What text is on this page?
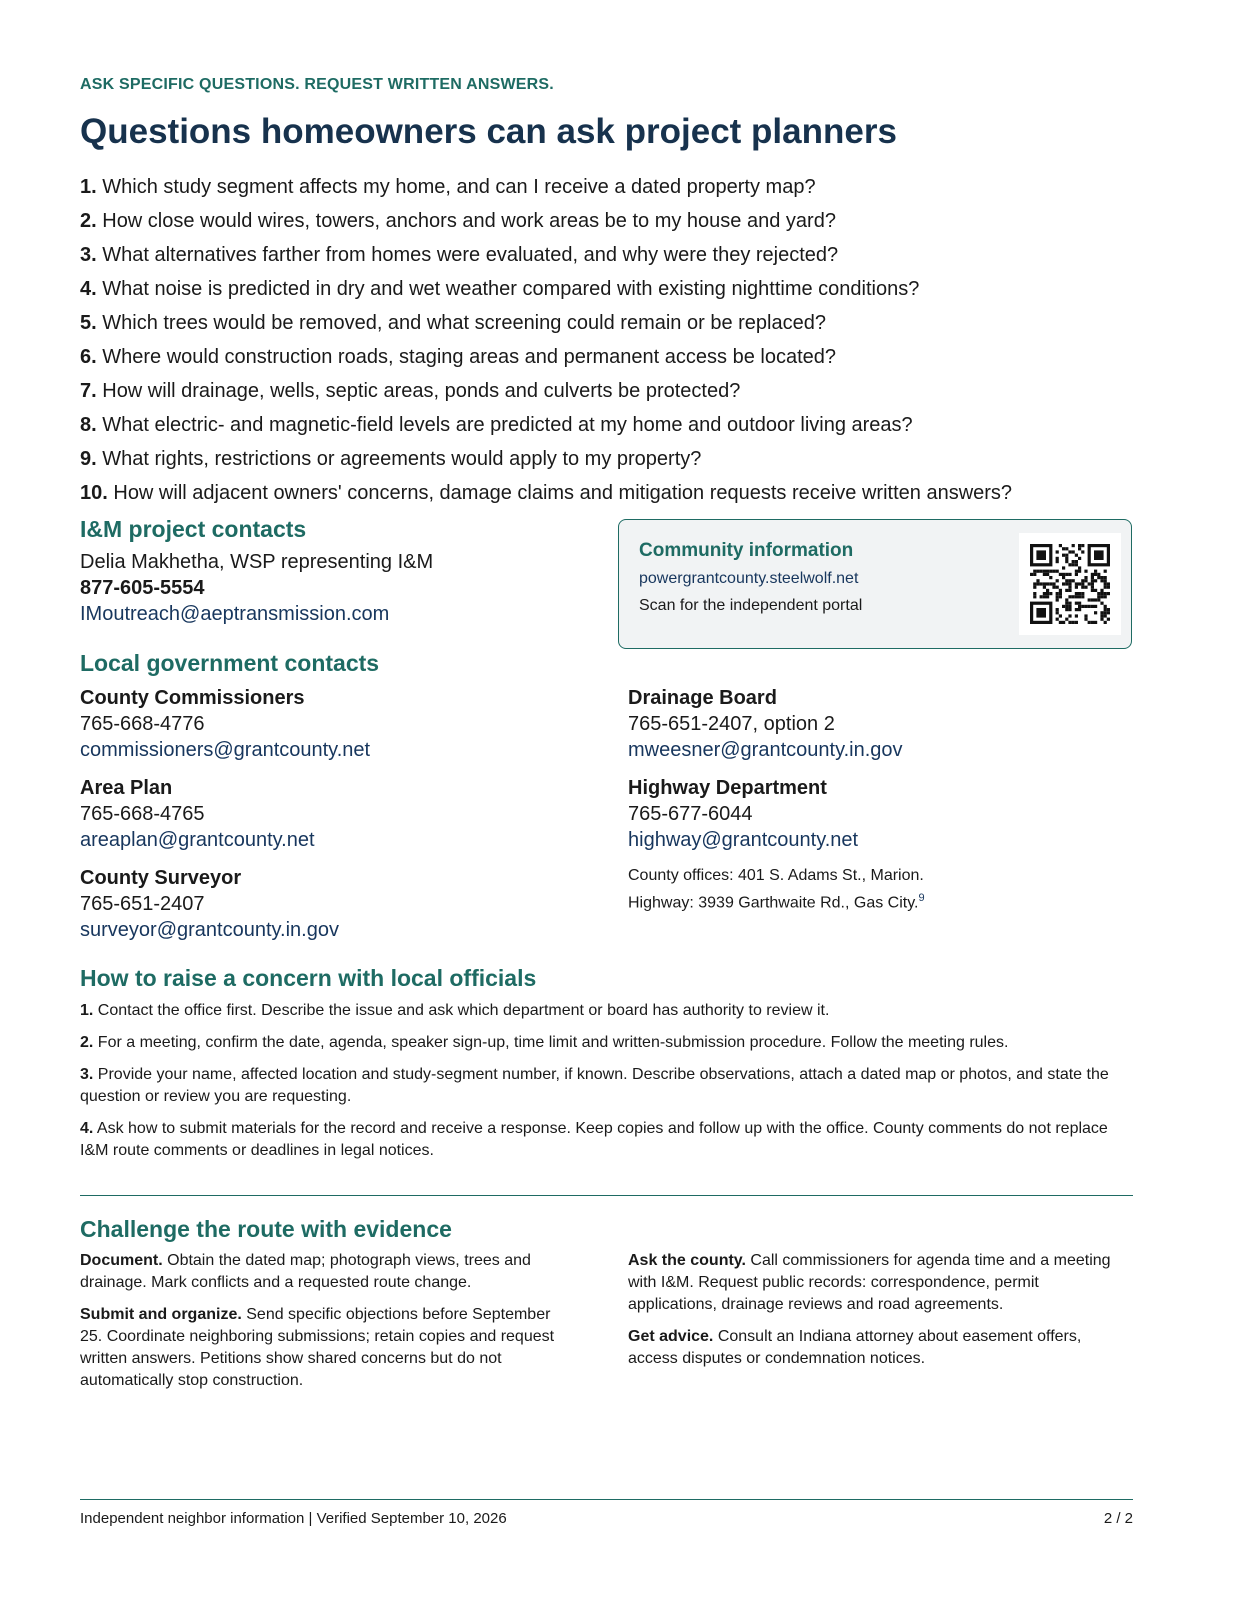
ASK SPECIFIC QUESTIONS. REQUEST WRITTEN ANSWERS.
Questions homeowners can ask project planners
1. Which study segment affects my home, and can I receive a dated property map?
2. How close would wires, towers, anchors and work areas be to my house and yard?
3. What alternatives farther from homes were evaluated, and why were they rejected?
4. What noise is predicted in dry and wet weather compared with existing nighttime conditions?
5. Which trees would be removed, and what screening could remain or be replaced?
6. Where would construction roads, staging areas and permanent access be located?
7. How will drainage, wells, septic areas, ponds and culverts be protected?
8. What electric- and magnetic-field levels are predicted at my home and outdoor living areas?
9. What rights, restrictions or agreements would apply to my property?
10. How will adjacent owners' concerns, damage claims and mitigation requests receive written answers?
I&M project contacts
Delia Makhetha, WSP representing I&M
877-605-5554
IMoutreach@aeptransmission.com
Community information
powergrantcounty.steelwolf.net
Scan for the independent portal
Local government contacts
County Commissioners
765-668-4776
commissioners@grantcounty.net
Area Plan
765-668-4765
areaplan@grantcounty.net
County Surveyor
765-651-2407
surveyor@grantcounty.in.gov
Drainage Board
765-651-2407, option 2
mweesner@grantcounty.in.gov
Highway Department
765-677-6044
highway@grantcounty.net
County offices: 401 S. Adams St., Marion.
Highway: 3939 Garthwaite Rd., Gas City.$^9$
How to raise a concern with local officials
1. Contact the office first. Describe the issue and ask which department or board has authority to review it.
2. For a meeting, confirm the date, agenda, speaker sign-up, time limit and written-submission procedure. Follow the meeting rules.
3. Provide your name, affected location and study-segment number, if known. Describe observations, attach a dated map or photos, and state the question or review you are requesting.
4. Ask how to submit materials for the record and receive a response. Keep copies and follow up with the office. County comments do not replace I&M route comments or deadlines in legal notices.
Challenge the route with evidence
Document. Obtain the dated map; photograph views, trees and drainage. Mark conflicts and a requested route change.
Submit and organize. Send specific objections before September 25. Coordinate neighboring submissions; retain copies and request written answers. Petitions show shared concerns but do not automatically stop construction.
Ask the county. Call commissioners for agenda time and a meeting with I&M. Request public records: correspondence, permit applications, drainage reviews and road agreements.
Get advice. Consult an Indiana attorney about easement offers, access disputes or condemnation notices.
Independent neighbor information | Verified September 10, 2026	2 / 2
